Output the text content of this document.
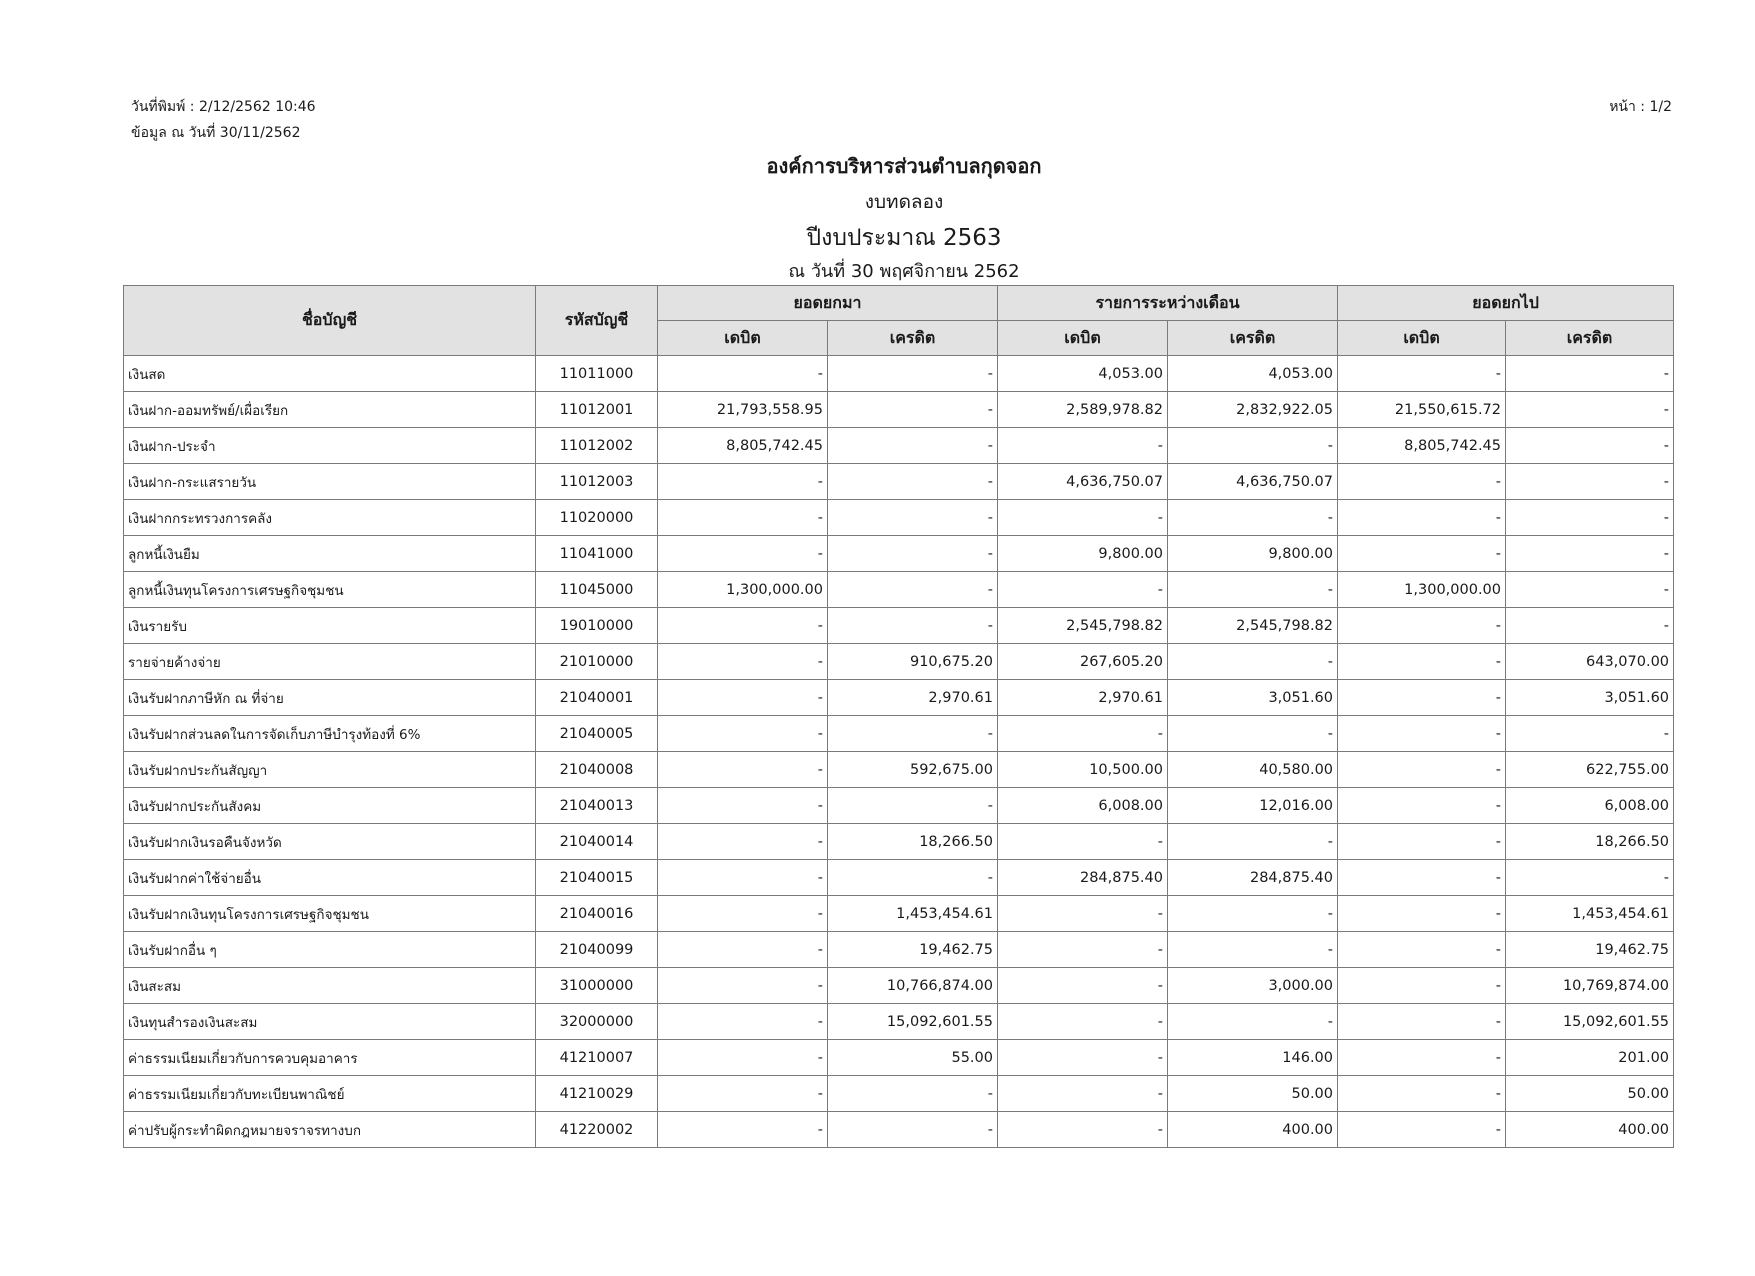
วันที่พิมพ์ : 2/12/2562 10:46
ข้อมูล ณ วันที่ 30/11/2562
หน้า : 1/2
องค์การบริหารส่วนตำบลกุดจอก
งบทดลอง
ปีงบประมาณ 2563
ณ วันที่ 30 พฤศจิกายน 2562
ชื่อบัญชี	รหัสบัญชี	ยอดยกมา		รายการระหว่างเดือน		ยอดยกไป	
		เดบิต	เครดิต	เดบิต	เครดิต	เดบิต	เครดิต
เงินสด	11011000	-	-	4,053.00	4,053.00	-	-
เงินฝาก-ออมทรัพย์/เผื่อเรียก	11012001	21,793,558.95	-	2,589,978.82	2,832,922.05	21,550,615.72	-
เงินฝาก-ประจำ	11012002	8,805,742.45	-	-	-	8,805,742.45	-
เงินฝาก-กระแสรายวัน	11012003	-	-	4,636,750.07	4,636,750.07	-	-
เงินฝากกระทรวงการคลัง	11020000	-	-	-	-	-	-
ลูกหนี้เงินยืม	11041000	-	-	9,800.00	9,800.00	-	-
ลูกหนี้เงินทุนโครงการเศรษฐกิจชุมชน	11045000	1,300,000.00	-	-	-	1,300,000.00	-
เงินรายรับ	19010000	-	-	2,545,798.82	2,545,798.82	-	-
รายจ่ายค้างจ่าย	21010000	-	910,675.20	267,605.20	-	-	643,070.00
เงินรับฝากภาษีหัก ณ ที่จ่าย	21040001	-	2,970.61	2,970.61	3,051.60	-	3,051.60
เงินรับฝากส่วนลดในการจัดเก็บภาษีบำรุงท้องที่ 6%	21040005	-	-	-	-	-	-
เงินรับฝากประกันสัญญา	21040008	-	592,675.00	10,500.00	40,580.00	-	622,755.00
เงินรับฝากประกันสังคม	21040013	-	-	6,008.00	12,016.00	-	6,008.00
เงินรับฝากเงินรอคืนจังหวัด	21040014	-	18,266.50	-	-	-	18,266.50
เงินรับฝากค่าใช้จ่ายอื่น	21040015	-	-	284,875.40	284,875.40	-	-
เงินรับฝากเงินทุนโครงการเศรษฐกิจชุมชน	21040016	-	1,453,454.61	-	-	-	1,453,454.61
เงินรับฝากอื่น ๆ	21040099	-	19,462.75	-	-	-	19,462.75
เงินสะสม	31000000	-	10,766,874.00	-	3,000.00	-	10,769,874.00
เงินทุนสำรองเงินสะสม	32000000	-	15,092,601.55	-	-	-	15,092,601.55
ค่าธรรมเนียมเกี่ยวกับการควบคุมอาคาร	41210007	-	55.00	-	146.00	-	201.00
ค่าธรรมเนียมเกี่ยวกับทะเบียนพาณิชย์	41210029	-	-	-	50.00	-	50.00
ค่าปรับผู้กระทำผิดกฎหมายจราจรทางบก	41220002	-	-	-	400.00	-	400.00
